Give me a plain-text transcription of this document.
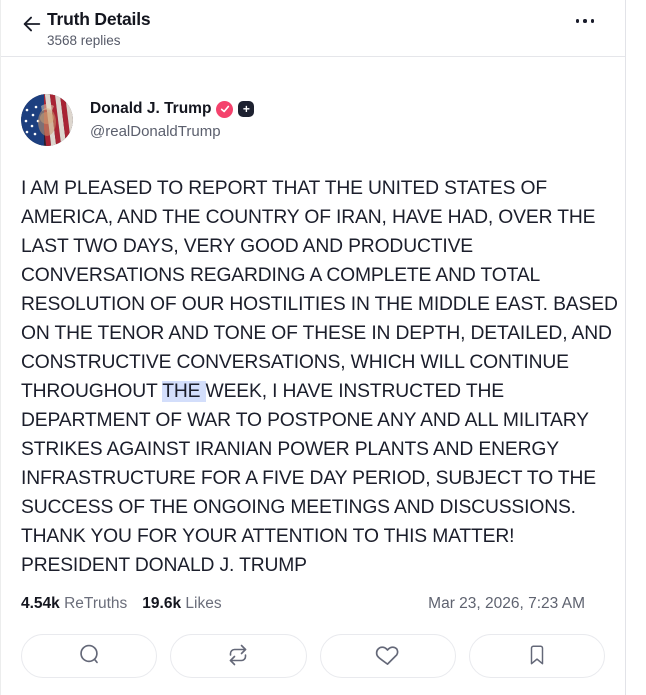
Truth Details
3568 replies
Donald J. Trump	+
@realDonaldTrump
I AM PLEASED TO REPORT THAT THE UNITED STATES OF
AMERICA, AND THE COUNTRY OF IRAN, HAVE HAD, OVER THE
LAST TWO DAYS, VERY GOOD AND PRODUCTIVE
CONVERSATIONS REGARDING A COMPLETE AND TOTAL
RESOLUTION OF OUR HOSTILITIES IN THE MIDDLE EAST. BASED
ON THE TENOR AND TONE OF THESE IN DEPTH, DETAILED, AND
CONSTRUCTIVE CONVERSATIONS, WHICH WILL CONTINUE
THROUGHOUT THE WEEK, I HAVE INSTRUCTED THE
DEPARTMENT OF WAR TO POSTPONE ANY AND ALL MILITARY
STRIKES AGAINST IRANIAN POWER PLANTS AND ENERGY
INFRASTRUCTURE FOR A FIVE DAY PERIOD, SUBJECT TO THE
SUCCESS OF THE ONGOING MEETINGS AND DISCUSSIONS.
THANK YOU FOR YOUR ATTENTION TO THIS MATTER!
PRESIDENT DONALD J. TRUMP
4.54k ReTruths 19.6k Likes	Mar 23, 2026, 7:23 AM
